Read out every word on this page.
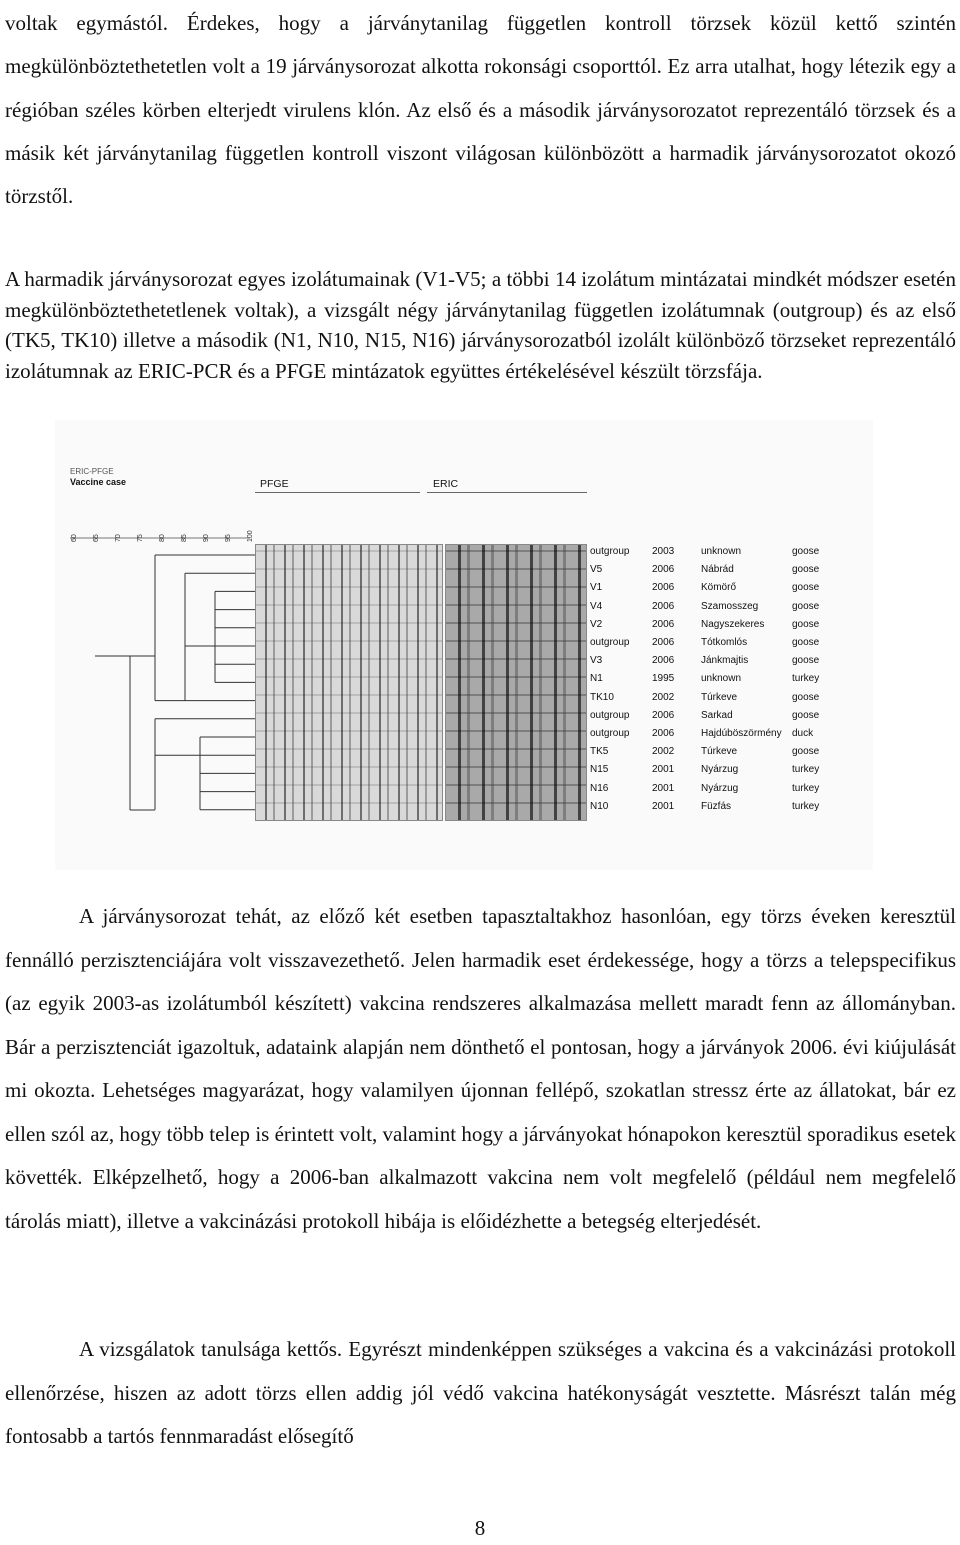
voltak egymástól. Érdekes, hogy a járványtanilag független kontroll törzsek közül kettő szintén megkülönböztethetetlen volt a 19 járványsorozat alkotta rokonsági csoporttól. Ez arra utalhat, hogy létezik egy a régióban széles körben elterjedt virulens klón. Az első és a második járványsorozatot reprezentáló törzsek és a másik két járványtanilag független kontroll viszont világosan különbözött a harmadik járványsorozatot okozó törzstől.

A harmadik járványsorozat egyes izolátumainak (V1-V5; a többi 14 izolátum mintázatai mindkét módszer esetén megkülönböztethetetlenek voltak), a vizsgált négy járványtanilag független izolátumnak (outgroup) és az első (TK5, TK10) illetve a második (N1, N10, N15, N16) járványsorozatból izolált különböző törzseket reprezentáló izolátumnak az ERIC-PCR és a PFGE mintázatok együttes értékelésével készült törzsfája.

ERIC-PFGE
Vaccine case	PFGE	ERIC
60 65 70 75 80 85 90 95 100
outgroup 2003	unknown	goose
V5	2006	Nábrád	goose
V1	2006	Kömörő	goose
V4	2006	Szamosszeg	goose
V2	2006	Nagyszekeres	goose
outgroup 2006	Tótkomlós	goose
V3	2006	Jánkmajtis	goose
N1	1995	unknown	turkey
TK10	2002	Túrkeve	goose
outgroup 2006	Sarkad	goose
outgroup 2006	Hajdúböszörmény duck
TK5	2002	Túrkeve	goose
N15	2001	Nyárzug	turkey
N16	2001	Nyárzug	turkey
N10	2001	Füzfás	turkey

A járványsorozat tehát, az előző két esetben tapasztaltakhoz hasonlóan, egy törzs éveken keresztül fennálló perzisztenciájára volt visszavezethető. Jelen harmadik eset érdekessége, hogy a törzs a telepspecifikus (az egyik 2003-as izolátumból készített) vakcina rendszeres alkalmazása mellett maradt fenn az állományban. Bár a perzisztenciát igazoltuk, adataink alapján nem dönthető el pontosan, hogy a járványok 2006. évi kiújulását mi okozta. Lehetséges magyarázat, hogy valamilyen újonnan fellépő, szokatlan stressz érte az állatokat, bár ez ellen szól az, hogy több telep is érintett volt, valamint hogy a járványokat hónapokon keresztül sporadikus esetek követték. Elképzelhető, hogy a 2006-ban alkalmazott vakcina nem volt megfelelő (például nem megfelelő tárolás miatt), illetve a vakcinázási protokoll hibája is előidézhette a betegség elterjedését.

A vizsgálatok tanulsága kettős. Egyrészt mindenképpen szükséges a vakcina és a vakcinázási protokoll ellenőrzése, hiszen az adott törzs ellen addig jól védő vakcina hatékonyságát vesztette. Másrészt talán még fontosabb a tartós fennmaradást elősegítő

8
